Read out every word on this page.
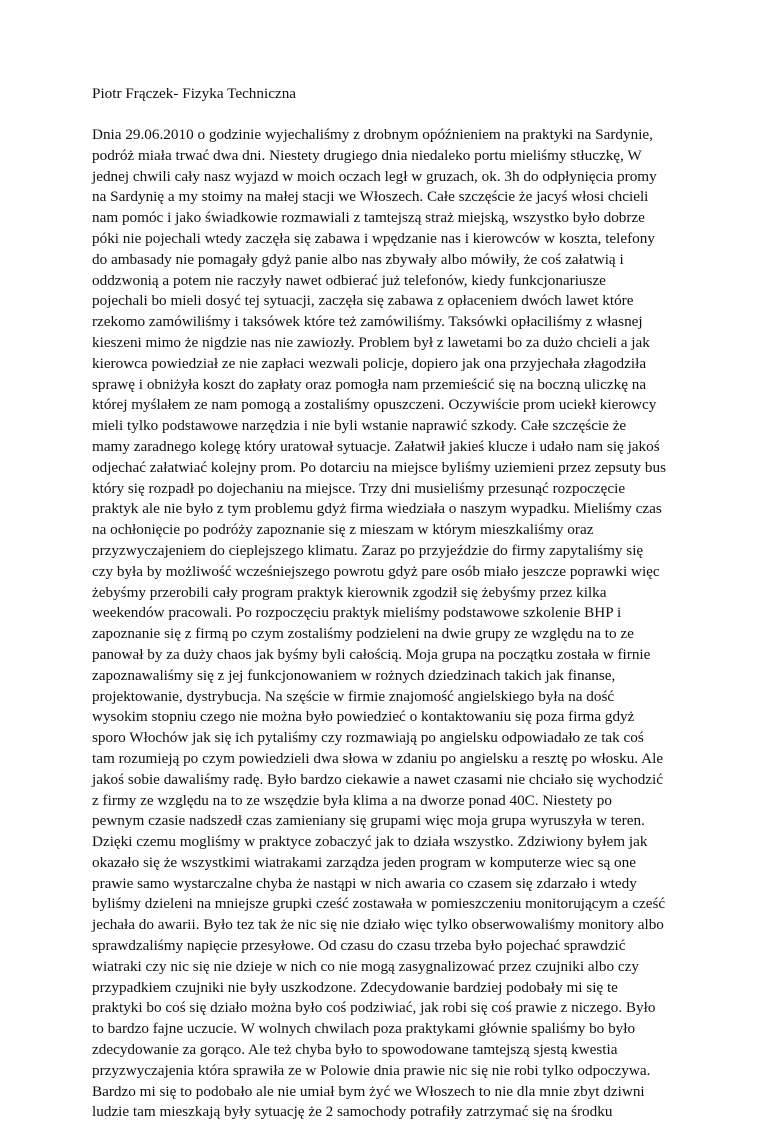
Piotr Frączek- Fizyka Techniczna
Dnia 29.06.2010 o godzinie wyjechaliśmy z drobnym opóźnieniem na praktyki na Sardynie,
podróż miała trwać dwa dni. Niestety drugiego dnia niedaleko portu mieliśmy stłuczkę, W
jednej chwili cały nasz wyjazd w moich oczach legł w gruzach, ok. 3h do odpłynięcia promy
na Sardynię a my stoimy na małej stacji we Włoszech. Całe szczęście że jacyś włosi chcieli
nam pomóc i jako świadkowie rozmawiali z tamtejszą straż miejską, wszystko było dobrze
póki nie pojechali wtedy zaczęła się zabawa i wpędzanie nas i kierowców w koszta, telefony
do ambasady nie pomagały gdyż panie albo nas zbywały albo mówiły, że coś załatwią i
oddzwonią a potem nie raczyły nawet odbierać już telefonów, kiedy funkcjonariusze
pojechali bo mieli dosyć tej sytuacji, zaczęła się zabawa z opłaceniem dwóch lawet które
rzekomo zamówiliśmy i taksówek które też zamówiliśmy. Taksówki opłaciliśmy z własnej
kieszeni mimo że nigdzie nas nie zawiozły. Problem był z lawetami bo za dużo chcieli a jak
kierowca powiedział ze nie zapłaci wezwali policje, dopiero jak ona przyjechała złagodziła
sprawę i obniżyła koszt do zapłaty oraz pomogła nam przemieścić się na boczną uliczkę na
której myślałem ze nam pomogą a zostaliśmy opuszczeni. Oczywiście prom uciekł kierowcy
mieli tylko podstawowe narzędzia i nie byli wstanie naprawić szkody. Całe szczęście że
mamy zaradnego kolegę który uratował sytuacje. Załatwił jakieś klucze i udało nam się jakoś
odjechać załatwiać kolejny prom. Po dotarciu na miejsce byliśmy uziemieni przez zepsuty bus
który się rozpadł po dojechaniu na miejsce. Trzy dni musieliśmy przesunąć rozpoczęcie
praktyk ale nie było z tym problemu gdyż firma wiedziała o naszym wypadku. Mieliśmy czas
na ochłonięcie po podróży zapoznanie się z mieszam w którym mieszkaliśmy oraz
przyzwyczajeniem do cieplejszego klimatu. Zaraz po przyjeździe do firmy zapytaliśmy się
czy była by możliwość wcześniejszego powrotu gdyż pare osób miało jeszcze poprawki więc
żebyśmy przerobili cały program praktyk kierownik zgodził się żebyśmy przez kilka
weekendów pracowali. Po rozpoczęciu praktyk mieliśmy podstawowe szkolenie BHP i
zapoznanie się z firmą po czym zostaliśmy podzieleni na dwie grupy ze względu na to ze
panował by za duży chaos jak byśmy byli całością. Moja grupa na początku została w firnie
zapoznawaliśmy się z jej funkcjonowaniem w rożnych dziedzinach takich jak finanse,
projektowanie, dystrybucja. Na szęście w firmie znajomość angielskiego była na dość
wysokim stopniu czego nie można było powiedzieć o kontaktowaniu się poza firma gdyż
sporo Włochów jak się ich pytaliśmy czy rozmawiają po angielsku odpowiadało ze tak coś
tam rozumieją po czym powiedzieli dwa słowa w zdaniu po angielsku a resztę po włosku. Ale
jakoś sobie dawaliśmy radę. Było bardzo ciekawie a nawet czasami nie chciało się wychodzić
z firmy ze względu na to ze wszędzie była klima a na dworze ponad 40C. Niestety po
pewnym czasie nadszedł czas zamieniany się grupami więc moja grupa wyruszyła w teren.
Dzięki czemu mogliśmy w praktyce zobaczyć jak to działa wszystko. Zdziwiony byłem jak
okazało się że wszystkimi wiatrakami zarządza jeden program w komputerze wiec są one
prawie samo wystarczalne chyba że nastąpi w nich awaria co czasem się zdarzało i wtedy
byliśmy dzieleni na mniejsze grupki cześć zostawała w pomieszczeniu monitorującym a cześć
jechała do awarii. Było tez tak że nic się nie działo więc tylko obserwowaliśmy monitory albo
sprawdzaliśmy napięcie przesyłowe. Od czasu do czasu trzeba było pojechać sprawdzić
wiatraki czy nic się nie dzieje w nich co nie mogą zasygnalizować przez czujniki albo czy
przypadkiem czujniki nie były uszkodzone. Zdecydowanie bardziej podobały mi się te
praktyki bo coś się działo można było coś podziwiać, jak robi się coś prawie z niczego. Było
to bardzo fajne uczucie. W wolnych chwilach poza praktykami głównie spaliśmy bo było
zdecydowanie za gorąco. Ale też chyba było to spowodowane tamtejszą sjestą kwestia
przyzwyczajenia która sprawiła ze w Polowie dnia prawie nic się nie robi tylko odpoczywa.
Bardzo mi się to podobało ale nie umiał bym żyć we Włoszech to nie dla mnie zbyt dziwni
ludzie tam mieszkają były sytuację że 2 samochody potrafiły zatrzymać się na środku
